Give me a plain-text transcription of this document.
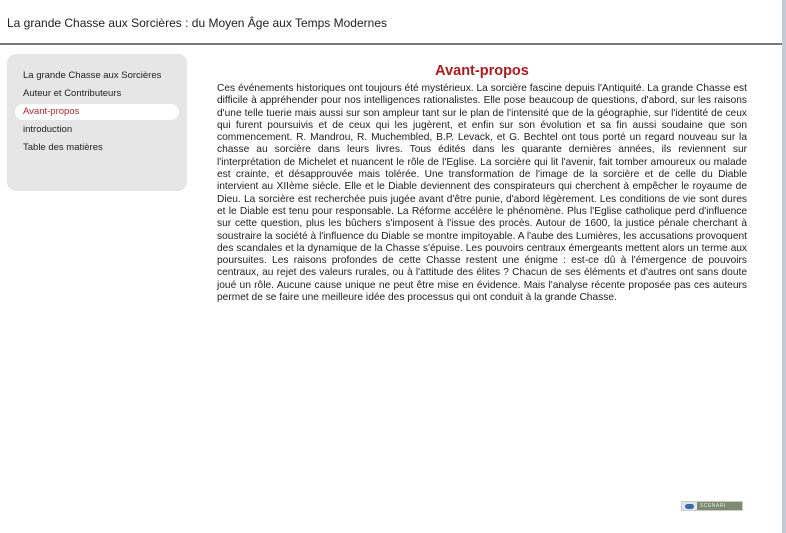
La grande Chasse aux Sorcières : du Moyen Âge aux Temps Modernes
La grande Chasse aux Sorcières
Auteur et Contributeurs
Avant-propos
introduction
Table des matières
Avant-propos

Ces événements historiques ont toujours été mystérieux. La sorcière fascine depuis l'Antiquité. La grande Chasse est difficile à appréhender pour nos intelligences rationalistes. Elle pose beaucoup de questions, d'abord, sur les raisons d'une telle tuerie mais aussi sur son ampleur tant sur le plan de l'intensité que de la géographie, sur l'identité de ceux qui furent poursuivis et de ceux qui les jugèrent, et enfin sur son évolution et sa fin aussi soudaine que son commencement. R. Mandrou, R. Muchembled, B.P. Levack, et G. Bechtel ont tous porté un regard nouveau sur la chasse au sorcière dans leurs livres. Tous édités dans les quarante dernières années, ils reviennent sur l'interprétation de Michelet et nuancent le rôle de l'Eglise. La sorcière qui lit l'avenir, fait tomber amoureux ou malade est crainte, et désapprouvée mais tolérée. Une transformation de l'image de la sorcière et de celle du Diable intervient au XIIème siècle. Elle et le Diable deviennent des conspirateurs qui cherchent à empêcher le royaume de Dieu. La sorcière est recherchée puis jugée avant d'être punie, d'abord légèrement. Les conditions de vie sont dures et le Diable est tenu pour responsable. La Réforme accélère le phénomène. Plus l'Eglise catholique perd d'influence sur cette question, plus les bûchers s'imposent à l'issue des procès. Autour de 1600, la justice pénale cherchant à soustraire la société à l'influence du Diable se montre impitoyable. A l'aube des Lumières, les accusations provoquent des scandales et la dynamique de la Chasse s'épuise. Les pouvoirs centraux émergeants mettent alors un terme aux poursuites. Les raisons profondes de cette Chasse restent une énigme : est-ce dû à l'émergence de pouvoirs centraux, au rejet des valeurs rurales, ou à l'attitude des élites ? Chacun de ses éléments et d'autres ont sans doute joué un rôle. Aucune cause unique ne peut être mise en évidence. Mais l'analyse récente proposée pas ces auteurs permet de se faire une meilleure idée des processus qui ont conduit à la grande Chasse.

SCENARI
